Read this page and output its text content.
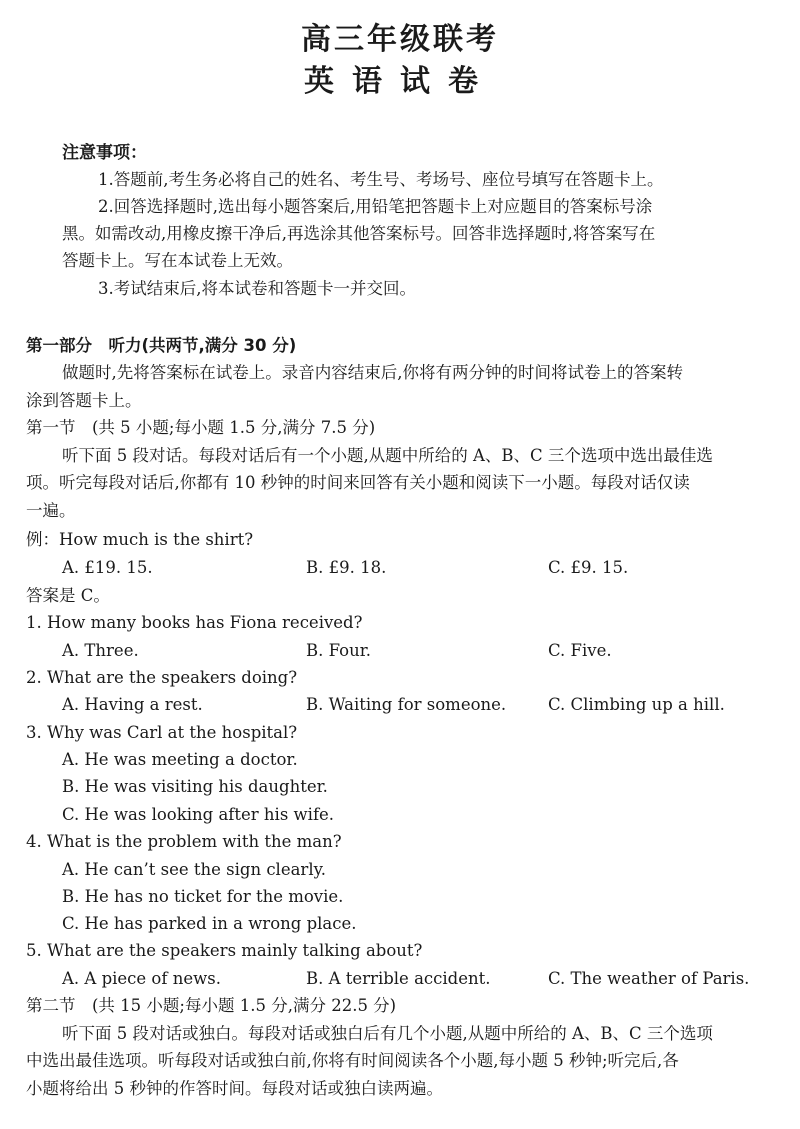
高三年级联考
英语试卷
注意事项：
1.答题前,考生务必将自己的姓名、考生号、考场号、座位号填写在答题卡上。
2.回答选择题时,选出每小题答案后,用铅笔把答题卡上对应题目的答案标号涂
黑。如需改动,用橡皮擦干净后,再选涂其他答案标号。回答非选择题时,将答案写在
答题卡上。写在本试卷上无效。
3.考试结束后,将本试卷和答题卡一并交回。
第一部分　听力(共两节,满分 30 分)
做题时,先将答案标在试卷上。录音内容结束后,你将有两分钟的时间将试卷上的答案转
涂到答题卡上。
第一节　(共 5 小题;每小题 1.5 分,满分 7.5 分)
听下面 5 段对话。每段对话后有一个小题,从题中所给的 A、B、C 三个选项中选出最佳选
项。听完每段对话后,你都有 10 秒钟的时间来回答有关小题和阅读下一小题。每段对话仅读
一遍。
例：How much is the shirt?
A. £19. 15.	B. £9. 18.	C. £9. 15.
答案是 C。
1. How many books has Fiona received?
A. Three.	B. Four.	C. Five.
2. What are the speakers doing?
A. Having a rest.	B. Waiting for someone.	C. Climbing up a hill.
3. Why was Carl at the hospital?
A. He was meeting a doctor.
B. He was visiting his daughter.
C. He was looking after his wife.
4. What is the problem with the man?
A. He can’t see the sign clearly.
B. He has no ticket for the movie.
C. He has parked in a wrong place.
5. What are the speakers mainly talking about?
A. A piece of news.	B. A terrible accident.	C. The weather of Paris.
第二节　(共 15 小题;每小题 1.5 分,满分 22.5 分)
听下面 5 段对话或独白。每段对话或独白后有几个小题,从题中所给的 A、B、C 三个选项
中选出最佳选项。听每段对话或独白前,你将有时间阅读各个小题,每小题 5 秒钟;听完后,各
小题将给出 5 秒钟的作答时间。每段对话或独白读两遍。
